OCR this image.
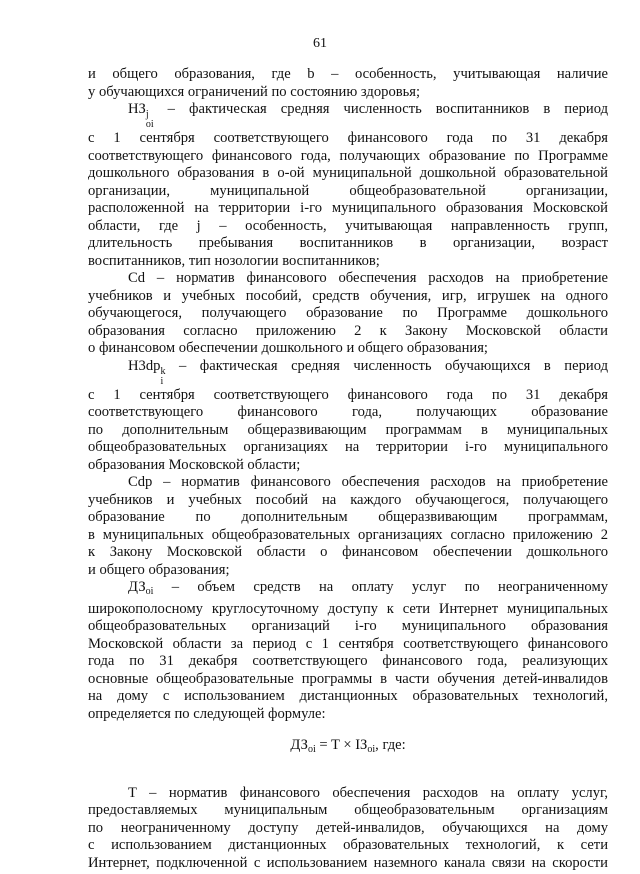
61
и общего образования, где b – особенность, учитывающая наличие
у обучающихся ограничений по состоянию здоровья;
НЗ j
oi
– фактическая средняя численность воспитанников в период
с 1 сентября соответствующего финансового года по 31 декабря
соответствующего финансового года, получающих образование по Программе
дошкольного образования в о-ой муниципальной дошкольной образовательной
организации, муниципальной общеобразовательной организации,
расположенной на территории i-го муниципального образования Московской
области, где j – особенность, учитывающая направленность групп,
длительность пребывания воспитанников в организации, возраст
воспитанников, тип нозологии воспитанников;
Cd – норматив финансового обеспечения расходов на приобретение
учебников и учебных пособий, средств обучения, игр, игрушек на одного
обучающегося, получающего образование по Программе дошкольного
образования согласно приложению 2 к Закону Московской области
о финансовом обеспечении дошкольного и общего образования;
Н3dp k
i
– фактическая средняя численность обучающихся в период
с 1 сентября соответствующего финансового года по 31 декабря
соответствующего финансового года, получающих образование
по дополнительным общеразвивающим программам в муниципальных
общеобразовательных организациях на территории i-го муниципального
образования Московской области;
Cdp – норматив финансового обеспечения расходов на приобретение
учебников и учебных пособий на каждого обучающегося, получающего
образование по дополнительным общеразвивающим программам,
в муниципальных общеобразовательных организациях согласно приложению 2
к Закону Московской области о финансовом обеспечении дошкольного
и общего образования;
$ДЗ_{oi}$ – объем средств на оплату услуг по неограниченному
широкополосному круглосуточному доступу к сети Интернет муниципальных
общеобразовательных организаций i-го муниципального образования
Московской области за период с 1 сентября соответствующего финансового
года по 31 декабря соответствующего финансового года, реализующих
основные общеобразовательные программы в части обучения детей-инвалидов
на дому с использованием дистанционных образовательных технологий,
определяется по следующей формуле:
$ДЗ_{oi} = T \times IЗ_{oi}$, где:
T – норматив финансового обеспечения расходов на оплату услуг,
предоставляемых муниципальным общеобразовательным организациям
по неограниченному доступу детей-инвалидов, обучающихся на дому
с использованием дистанционных образовательных технологий, к сети
Интернет, подключенной с использованием наземного канала связи на скорости
